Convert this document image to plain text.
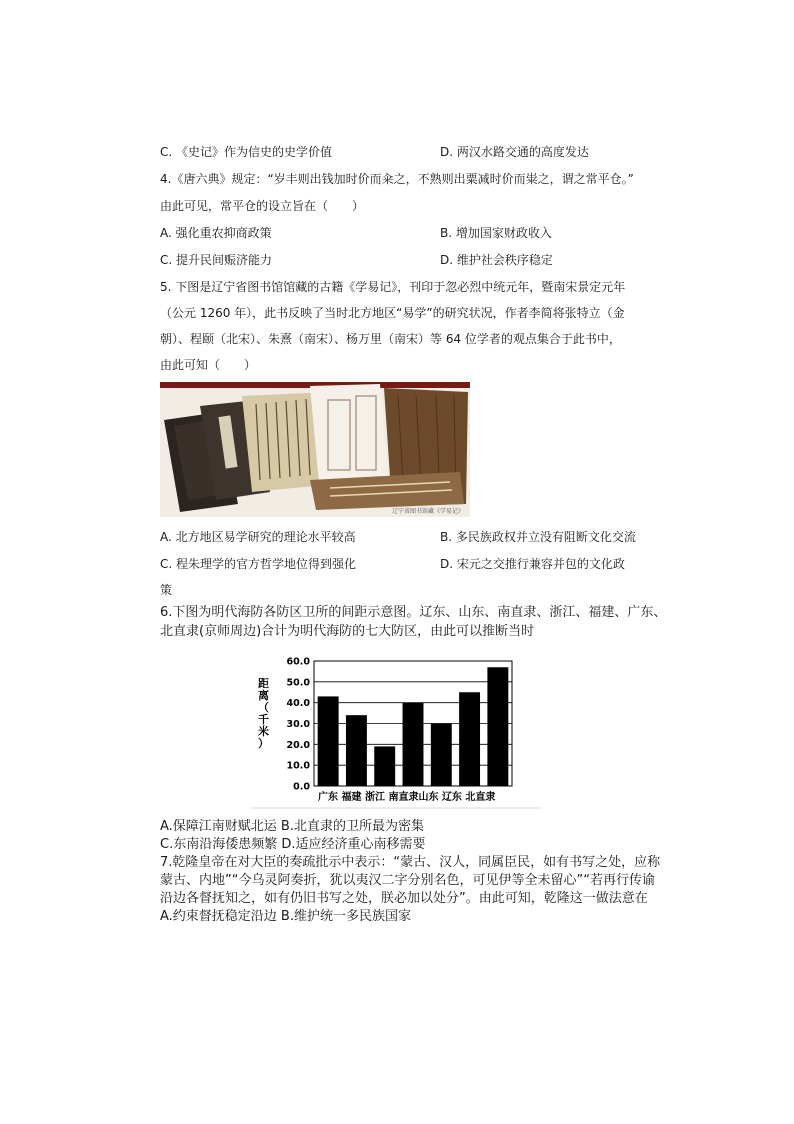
C. 《史记》作为信史的史学价值	D. 两汉水路交通的高度发达
4.《唐六典》规定：“岁丰则出钱加时价而籴之，不熟则出粟减时价而粜之，谓之常平仓。”
由此可见，常平仓的设立旨在（　　）
A. 强化重农抑商政策	B. 增加国家财政收入
C. 提升民间赈济能力	D. 维护社会秩序稳定
5. 下图是辽宁省图书馆馆藏的古籍《学易记》，刊印于忽必烈中统元年，暨南宋景定元年
（公元 1260 年），此书反映了当时北方地区“易学”的研究状况，作者李简将张特立（金
朝）、程颐（北宋）、朱熹（南宋）、杨万里（南宋）等 64 位学者的观点集合于此书中，
由此可知（　　）
辽宁省图书馆藏《学易记》
A. 北方地区易学研究的理论水平较高	B. 多民族政权并立没有阻断文化交流
C. 程朱理学的官方哲学地位得到强化	D. 宋元之交推行兼容并包的文化政
策
6.下图为明代海防各防区卫所的间距示意图。辽东、山东、南直隶、浙江、福建、广东、
北直隶(京师周边)合计为明代海防的七大防区，由此可以推断当时
0.0
10.0
20.0
30.0
40.0
50.0
60.0
距离（千米）
广东 福建 浙江 南直隶山东 辽东 北直隶
A.保障江南财赋北运 B.北直隶的卫所最为密集
C.东南沿海倭患频繁 D.适应经济重心南移需要
7.乾隆皇帝在对大臣的奏疏批示中表示：“蒙古、汉人，同属臣民，如有书写之处，应称
蒙古、内地”“今乌灵阿奏折，犹以夷汉二字分别名色，可见伊等全未留心”“若再行传谕
沿边各督抚知之，如有仍旧书写之处，朕必加以处分”。由此可知，乾隆这一做法意在
A.约束督抚稳定沿边 B.维护统一多民族国家
